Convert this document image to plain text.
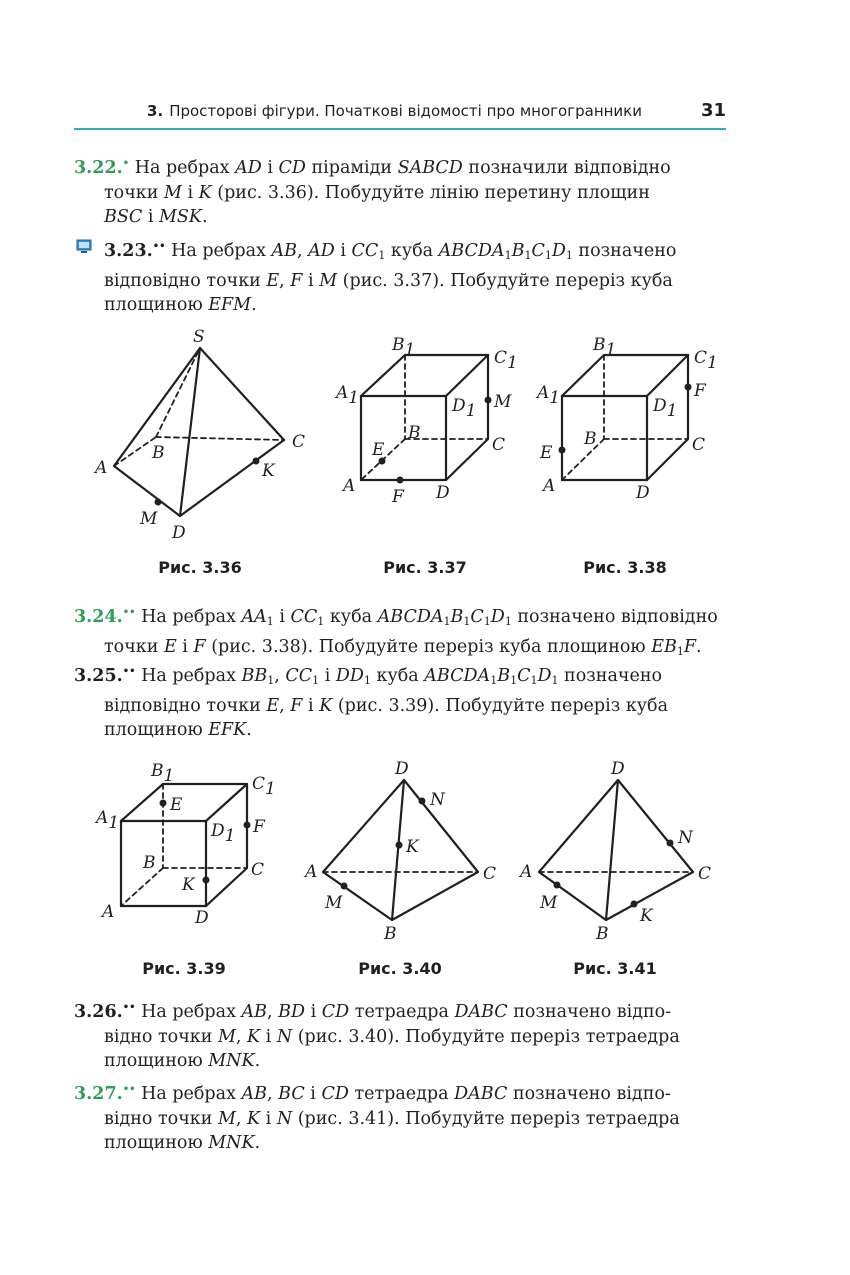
3. Просторові фігури. Початкові відомості про многогранники	31
3.22.• На ребрах AD і CD піраміди SABCD позначили відповідно
точки M і K (рис. 3.36). Побудуйте лінію перетину площин
BSC і MSK.
3.23.•• На ребрах AB, AD і $CC_1$ куба $ABCDA_1B_1C_1D_1$ позначено
відповідно точки E, F і M (рис. 3.37). Побудуйте переріз куба
площиною EFM.
S
A
B
C
D
M
K
B1	C1
A1	D1 M
B
E	C
A
F D
B1	C1
A1	D1
F
B
E	C
A	D
Рис. 3.36	Рис. 3.37	Рис. 3.38
3.24.•• На ребрах $AA_1$ і $CC_1$ куба $ABCDA_1B_1C_1D_1$ позначено відповідно
точки E і F (рис. 3.38). Побудуйте переріз куба площиною $EB_1F$.
3.25.•• На ребрах $BB_1$, $CC_1$ і $DD_1$ куба $ABCDA_1B_1C_1D_1$ позначено
відповідно точки E, F і K (рис. 3.39). Побудуйте переріз куба
площиною EFK.
B1	C1
A1
E
D1 F
B	C
K
A	D
D
N
K
A	C
M
B
D
N
A	C
M
K
B
Рис. 3.39	Рис. 3.40	Рис. 3.41
3.26.•• На ребрах AB, BD і CD тетраедра DABC позначено відпо-
відно точки M, K і N (рис. 3.40). Побудуйте переріз тетраедра
площиною MNK.
3.27.•• На ребрах AB, BC і CD тетраедра DABC позначено відпо-
відно точки M, K і N (рис. 3.41). Побудуйте переріз тетраедра
площиною MNK.
